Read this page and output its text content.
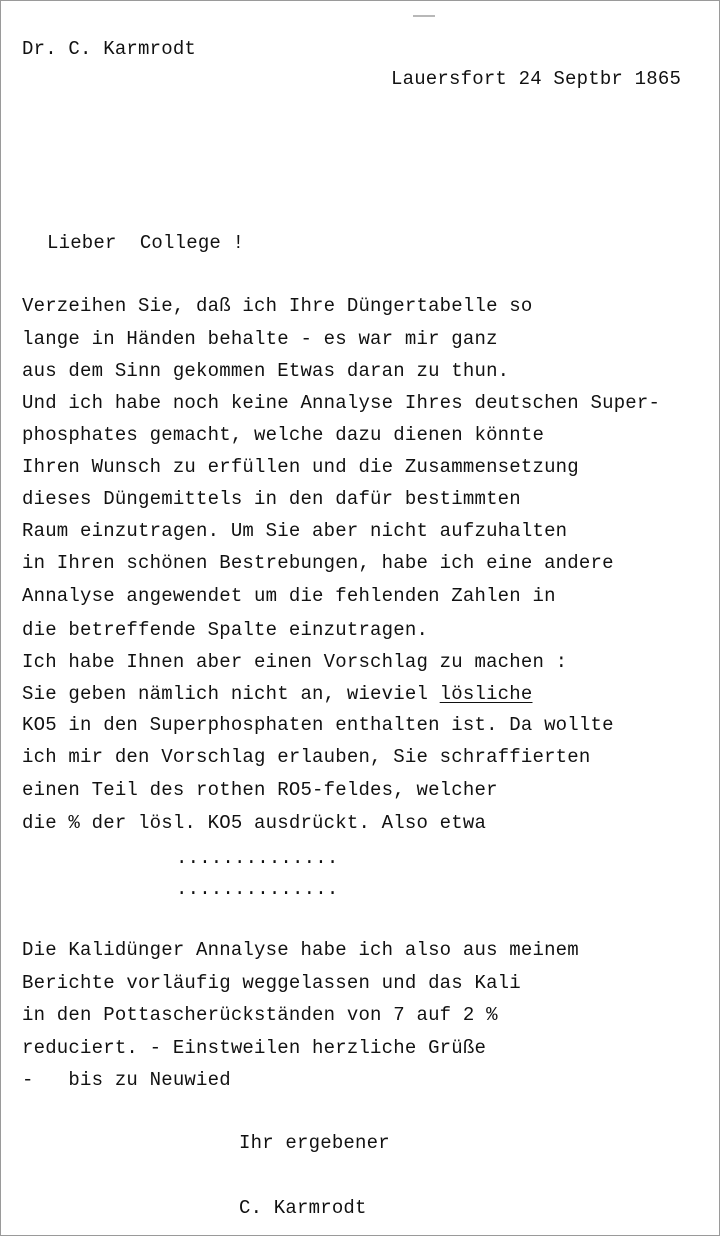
Dr. C. Karmrodt
Lauersfort 24 Septbr 1865
Lieber  College !
Verzeihen Sie, daß ich Ihre Düngertabelle so
lange in Händen behalte - es war mir ganz
aus dem Sinn gekommen Etwas daran zu thun.
Und ich habe noch keine Annalyse Ihres deutschen Super-
phosphates gemacht, welche dazu dienen könnte
Ihren Wunsch zu erfüllen und die Zusammensetzung
dieses Düngemittels in den dafür bestimmten
Raum einzutragen. Um Sie aber nicht aufzuhalten
in Ihren schönen Bestrebungen, habe ich eine andere
Annalyse angewendet um die fehlenden Zahlen in
die betreffende Spalte einzutragen.
Ich habe Ihnen aber einen Vorschlag zu machen :
Sie geben nämlich nicht an, wieviel lösliche
KO5 in den Superphosphaten enthalten ist. Da wollte
ich mir den Vorschlag erlauben, Sie schraffierten
einen Teil des rothen RO5-feldes, welcher
die % der lösl. KO5 ausdrückt. Also etwa
..............
..............
Die Kalidünger Annalyse habe ich also aus meinem
Berichte vorläufig weggelassen und das Kali
in den Pottascherückständen von 7 auf 2 %
reduciert. - Einstweilen herzliche Grüße
-   bis zu Neuwied
Ihr ergebener
C. Karmrodt
